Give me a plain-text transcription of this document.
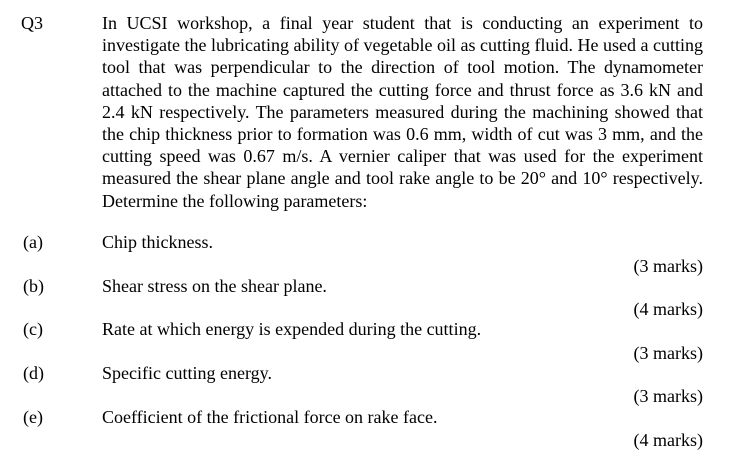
Q3	In UCSI workshop, a final year student that is conducting an experiment to investigate the lubricating ability of vegetable oil as cutting fluid. He used a cutting tool that was perpendicular to the direction of tool motion. The dynamometer attached to the machine captured the cutting force and thrust force as 3.6 kN and 2.4 kN respectively. The parameters measured during the machining showed that the chip thickness prior to formation was 0.6 mm, width of cut was 3 mm, and the cutting speed was 0.67 m/s. A vernier caliper that was used for the experiment measured the shear plane angle and tool rake angle to be 20° and 10° respectively. Determine the following parameters:
(a)	Chip thickness.
(3 marks)
(b)	Shear stress on the shear plane.
(4 marks)
(c)	Rate at which energy is expended during the cutting.
(3 marks)
(d)	Specific cutting energy.
(3 marks)
(e)	Coefficient of the frictional force on rake face.
(4 marks)
